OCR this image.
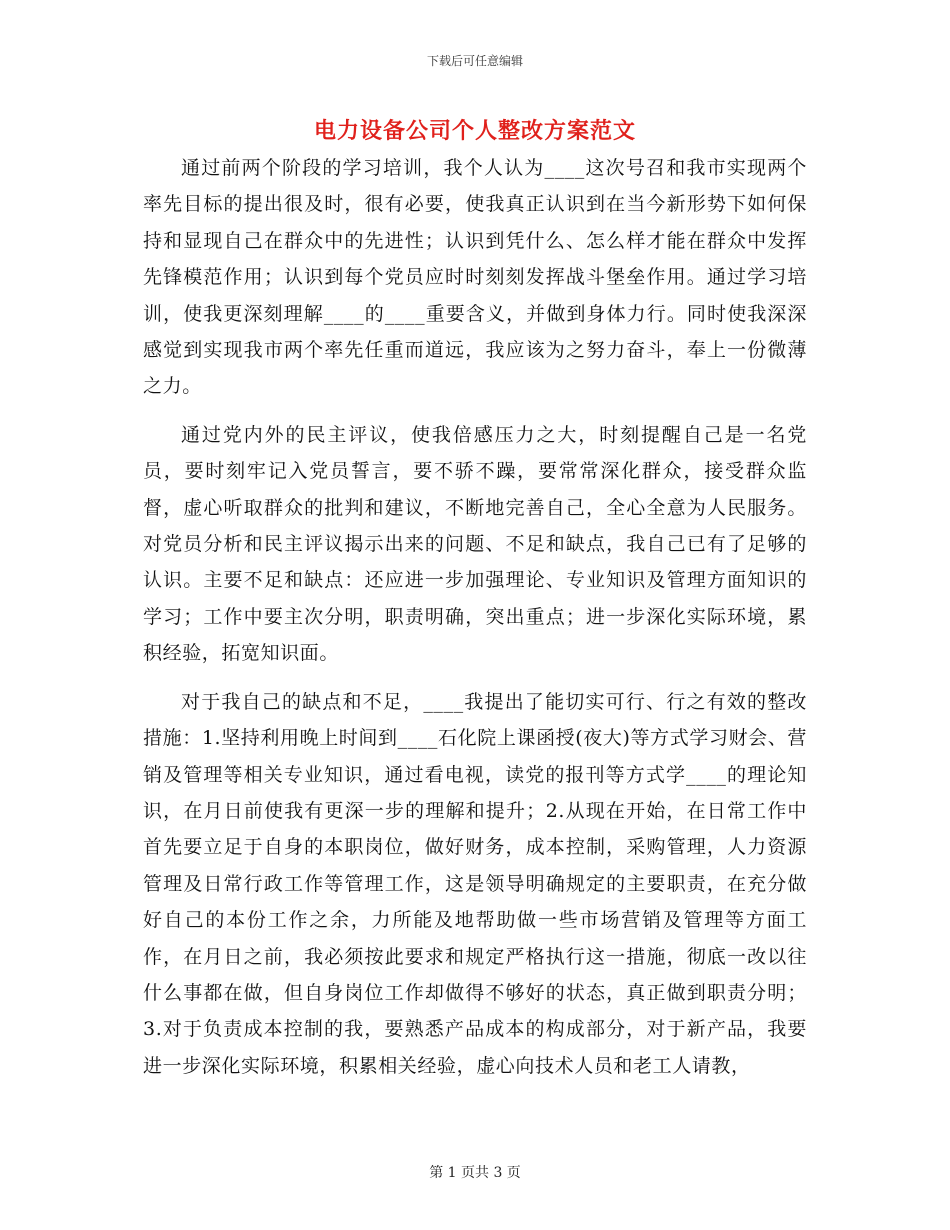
下载后可任意编辑
电力设备公司个人整改方案范文

通过前两个阶段的学习培训，我个人认为____这次号召和我市实现两个率先目标的提出很及时，很有必要，使我真正认识到在当今新形势下如何保持和显现自己在群众中的先进性；认识到凭什么、怎么样才能在群众中发挥先锋模范作用；认识到每个党员应时时刻刻发挥战斗堡垒作用。通过学习培训，使我更深刻理解____的____重要含义，并做到身体力行。同时使我深深感觉到实现我市两个率先任重而道远，我应该为之努力奋斗，奉上一份微薄之力。

通过党内外的民主评议，使我倍感压力之大，时刻提醒自己是一名党员，要时刻牢记入党员誓言，要不骄不躁，要常常深化群众，接受群众监督，虚心听取群众的批判和建议，不断地完善自己，全心全意为人民服务。对党员分析和民主评议揭示出来的问题、不足和缺点，我自己已有了足够的认识。主要不足和缺点：还应进一步加强理论、专业知识及管理方面知识的学习；工作中要主次分明，职责明确，突出重点；进一步深化实际环境，累积经验，拓宽知识面。

对于我自己的缺点和不足，____我提出了能切实可行、行之有效的整改措施：1.坚持利用晚上时间到____石化院上课函授(夜大)等方式学习财会、营销及管理等相关专业知识，通过看电视，读党的报刊等方式学____的理论知识，在月日前使我有更深一步的理解和提升；2.从现在开始，在日常工作中首先要立足于自身的本职岗位，做好财务，成本控制，采购管理，人力资源管理及日常行政工作等管理工作，这是领导明确规定的主要职责，在充分做好自己的本份工作之余，力所能及地帮助做一些市场营销及管理等方面工作，在月日之前，我必须按此要求和规定严格执行这一措施，彻底一改以往什么事都在做，但自身岗位工作却做得不够好的状态，真正做到职责分明；3.对于负责成本控制的我，要熟悉产品成本的构成部分，对于新产品，我要进一步深化实际环境，积累相关经验，虚心向技术人员和老工人请教，

第 1 页共 3 页
